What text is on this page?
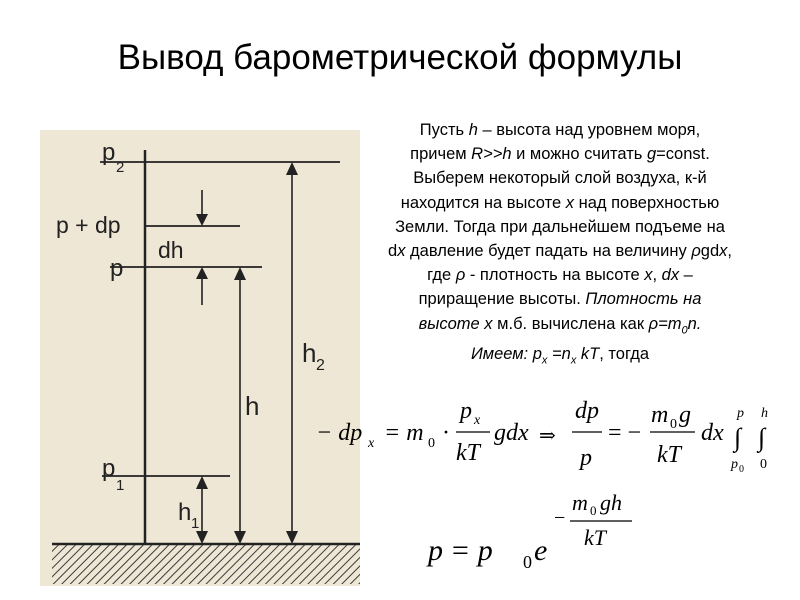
Вывод барометрической формулы
p
2
p + dp
dh
p
h 2
h
p
1
h 1

Пусть h – высота над уровнем моря,

причем R>>h и можно считать g=const.

Выберем некоторый слой воздуха, к-й

находится на высоте x над поверхностью

Земли. Тогда при дальнейшем подъеме на

dx давление будет падать на величину ρgdx,

где ρ - плотность на высоте x, dx –

приращение высоты. Плотность на

высоте x м.б. вычислена как $\rho=m_0n$.

Имеем: $p_x =n_x$ kT, тогда

− dp x = m 0 ·
p x
kT
gdx ⇒
dp
p
= −
m 0 g
kT
dx
p
∫
p 0
h
∫
0
p = p 0 e
−
m 0 gh
kT
